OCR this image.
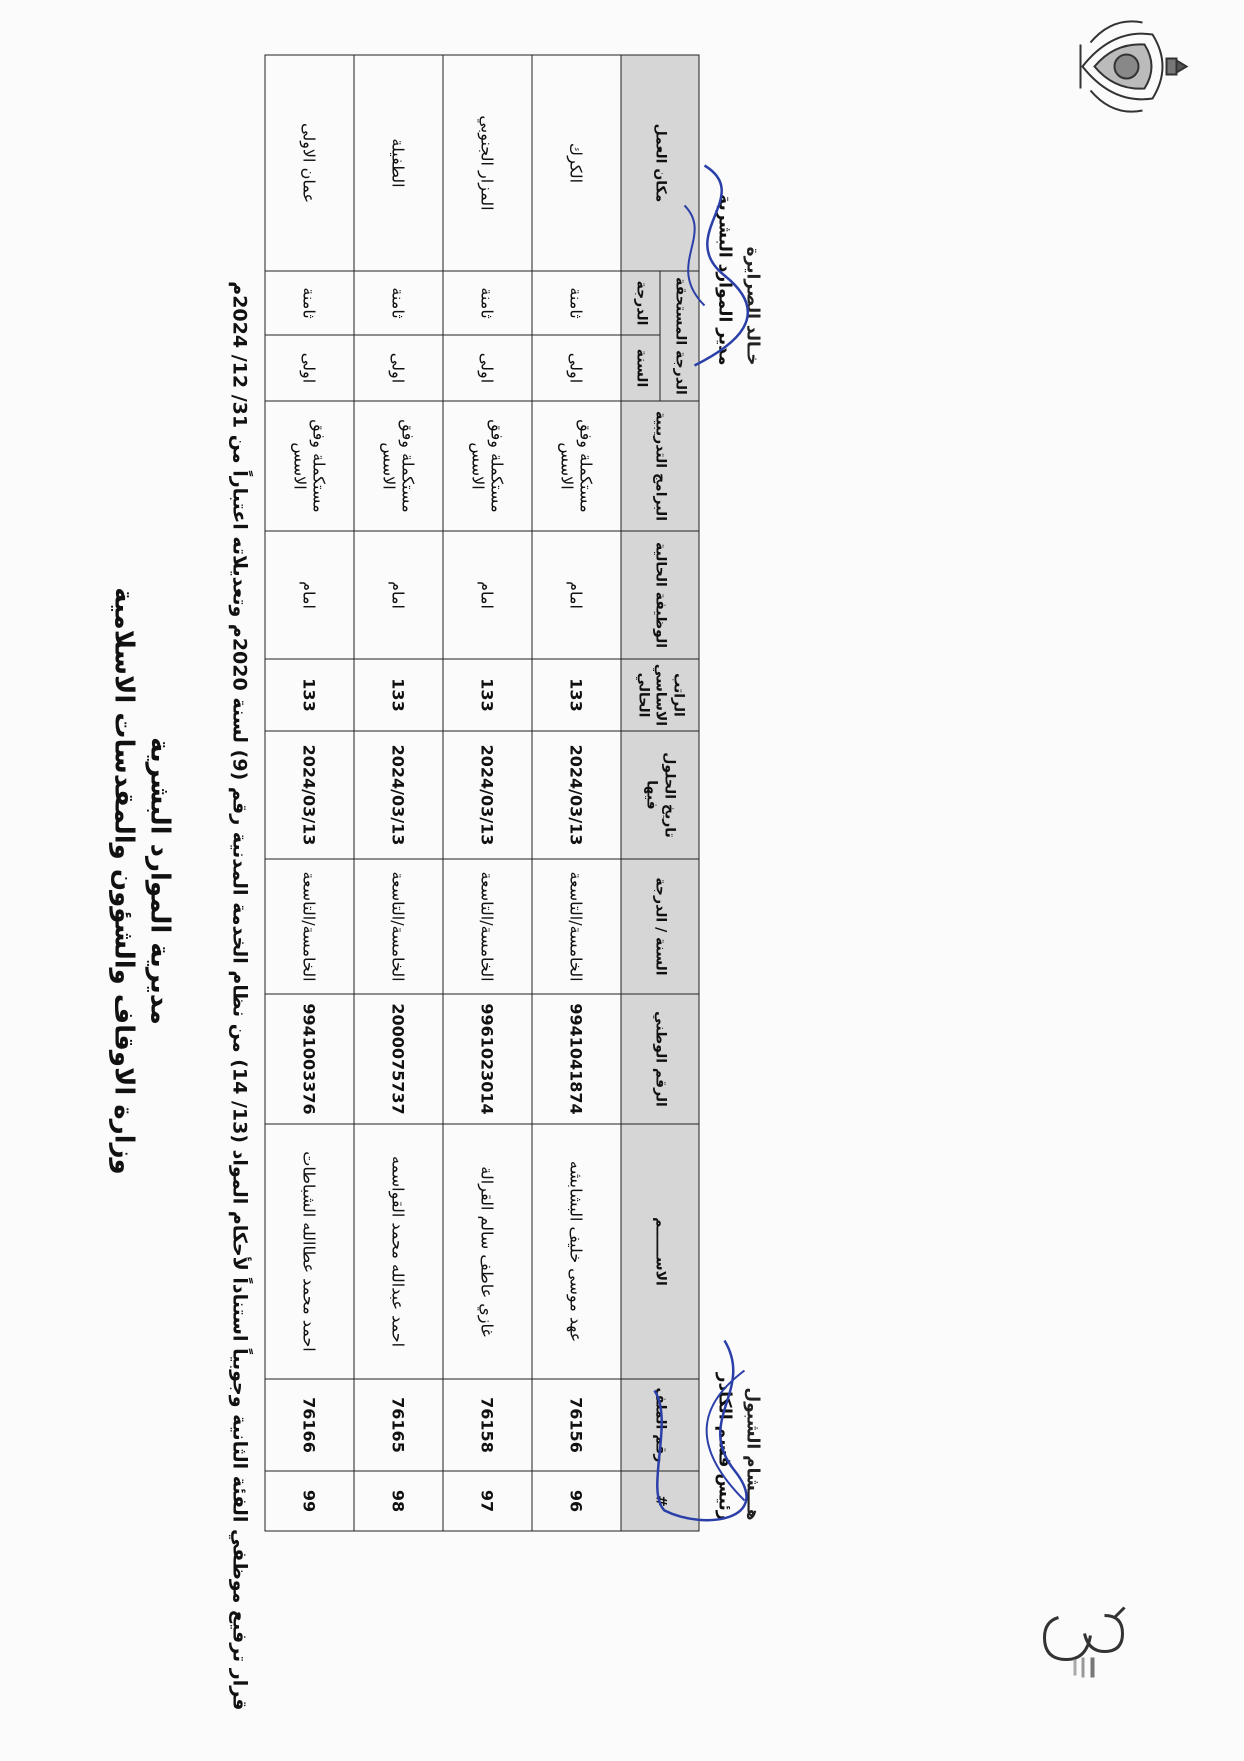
وزارة الاوقاف والشؤون والمقدسات الاسلامية مديرية الموارد البشرية
قرار ترفيع موظفي الفئة الثانية وجوبياً استناداً لأحكام المواد (13/ 14) من نظام الخدمة المدنية رقم (9) لسنة 2020م وتعديلاته اعتباراً من 31/ 12/ 2024م	#	رقم الملف	الاســــــم	الرقم الوطني	السنة / الدرجة	تاريخ الحلول فيها	الراتب الاساسي الحالي	الوظيفة الحالية	البرامج التدريبية	الدرجة المستحقة		مكان العمل
									السنة	الدرجة	
96	76156	عهد موسى خليف البشابشه	9941041874	الخامسة/التاسعة	2024/03/13	133	امام	مستكملة وفق الاسس	اولى	ثامنة	الكرك
97	76158	غازي عاطف سالم القرالة	9961023014	الخامسة/التاسعة	2024/03/13	133	امام	مستكملة وفق الاسس	اولى	ثامنة	المزار الجنوبي
98	76165	احمد عبدالله محمد القواسمه	2000075737	الخامسة/التاسعة	2024/03/13	133	امام	مستكملة وفق الاسس	اولى	ثامنة	الطفيلة
99	76166	احمد محمد عطاالله الشباطات	9941003376	الخامسة/التاسعة	2024/03/13	133	امام	مستكملة وفق الاسس	اولى	ثامنة	عمان الاولى
رئيس قسم الكادر هـــشام الشبول
مدير الموارد البشرية خـالد الصرايرة
